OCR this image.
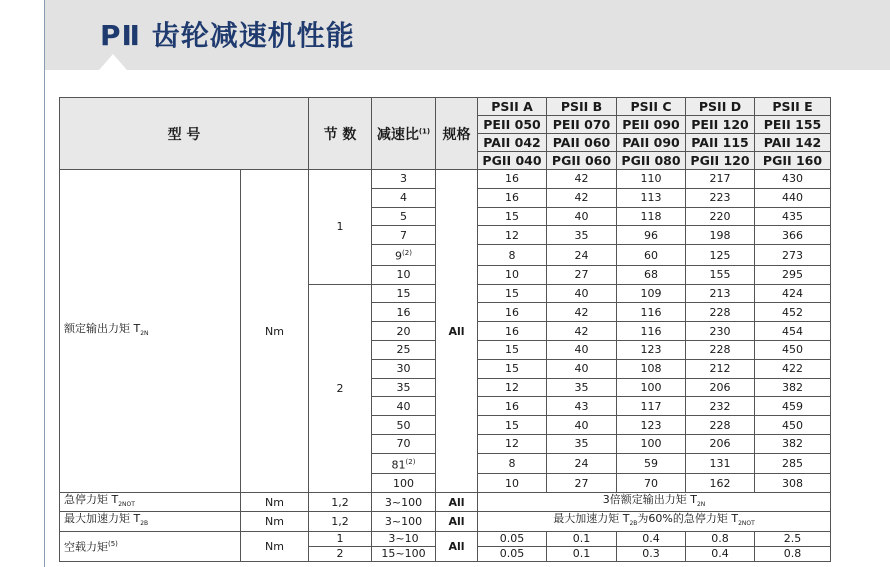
PⅡ 齿轮减速机性能
型 号		节 数	减速比$^{(1)}$	规格	PSII A	PSII B	PSII C	PSII D	PSII E
					PEII 050	PEII 070	PEII 090	PEII 120	PEII 155
					PAII 042	PAII 060	PAII 090	PAII 115	PAII 142
					PGII 040	PGII 060	PGII 080	PGII 120	PGII 160
额定输出力矩 $T_{2N}$	Nm	1	3	All	16	42	110	217	430
			4		16	42	113	223	440
			5		15	40	118	220	435
			7		12	35	96	198	366
			9$^{(2)}$		8	24	60	125	273
			10		10	27	68	155	295
		2	15		15	40	109	213	424
			16		16	42	116	228	452
			20		16	42	116	230	454
			25		15	40	123	228	450
			30		15	40	108	212	422
			35		12	35	100	206	382
			40		16	43	117	232	459
			50		15	40	123	228	450
			70		12	35	100	206	382
			81$^{(2)}$		8	24	59	131	285
			100		10	27	70	162	308
急停力矩 $T_{2NOT}$	Nm	1,2	3~100	All	3倍额定输出力矩 $T_{2N}$
最大加速力矩 $T_{2B}$	Nm	1,2	3~100	All	最大加速力矩 $T_{2B}$为60%的急停力矩 $T_{2NOT}$
空载力矩$^{(5)}$	Nm	1	3~10	All	0.05	0.1	0.4	0.8	2.5
		2	15~100		0.05	0.1	0.3	0.4	0.8
